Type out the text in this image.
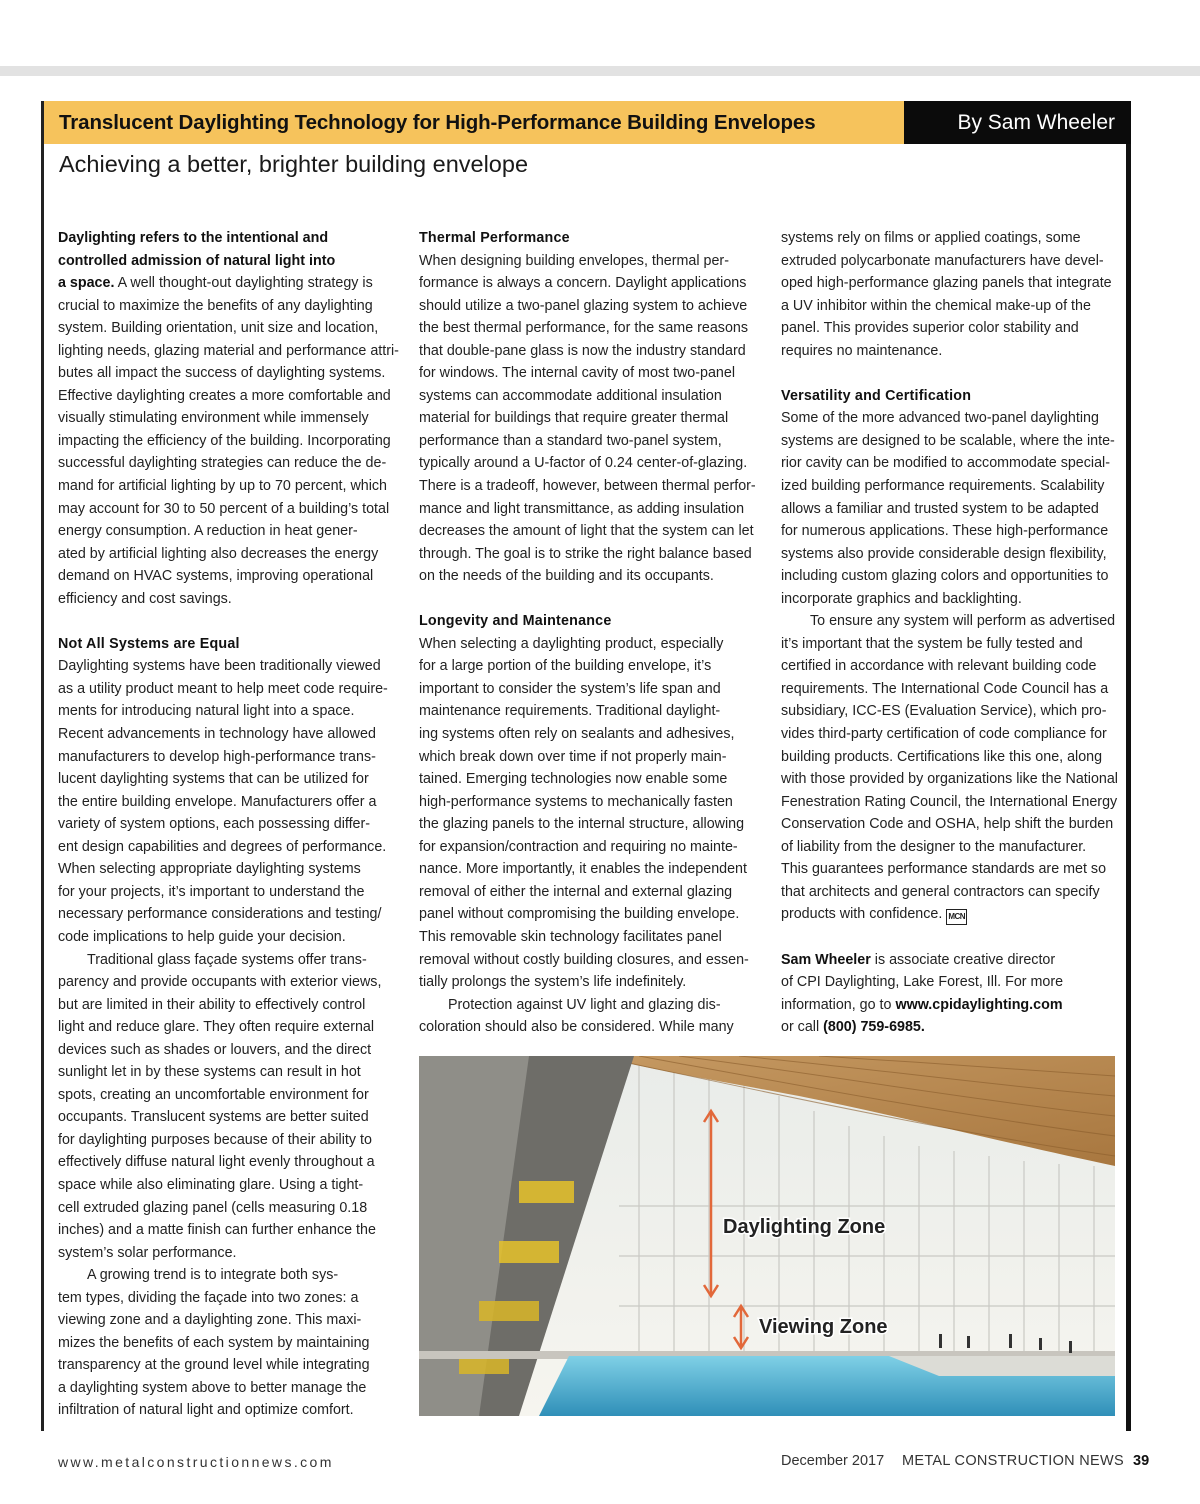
Translucent Daylighting Technology for High-Performance Building Envelopes	By Sam Wheeler
Achieving a better, brighter building envelope

Daylighting refers to the intentional and

controlled admission of natural light into

a space. A well thought-out daylighting strategy is

crucial to maximize the benefits of any daylighting

system. Building orientation, unit size and location,

lighting needs, glazing material and performance attri-

butes all impact the success of daylighting systems.

Effective daylighting creates a more comfortable and

visually stimulating environment while immensely

impacting the efficiency of the building. Incorporating

successful daylighting strategies can reduce the de-

mand for artificial lighting by up to 70 percent, which

may account for 30 to 50 percent of a building’s total

energy consumption. A reduction in heat gener-

ated by artificial lighting also decreases the energy

demand on HVAC systems, improving operational

efficiency and cost savings.

Not All Systems are Equal

Daylighting systems have been traditionally viewed

as a utility product meant to help meet code require-

ments for introducing natural light into a space.

Recent advancements in technology have allowed

manufacturers to develop high-performance trans-

lucent daylighting systems that can be utilized for

the entire building envelope. Manufacturers offer a

variety of system options, each possessing differ-

ent design capabilities and degrees of performance.

When selecting appropriate daylighting systems

for your projects, it’s important to understand the

necessary performance considerations and testing/

code implications to help guide your decision.

Traditional glass façade systems offer trans-

parency and provide occupants with exterior views,

but are limited in their ability to effectively control

light and reduce glare. They often require external

devices such as shades or louvers, and the direct

sunlight let in by these systems can result in hot

spots, creating an uncomfortable environment for

occupants. Translucent systems are better suited

for daylighting purposes because of their ability to

effectively diffuse natural light evenly throughout a

space while also eliminating glare. Using a tight-

cell extruded glazing panel (cells measuring 0.18

inches) and a matte finish can further enhance the

system’s solar performance.

A growing trend is to integrate both sys-

tem types, dividing the façade into two zones: a

viewing zone and a daylighting zone. This maxi-

mizes the benefits of each system by maintaining

transparency at the ground level while integrating

a daylighting system above to better manage the

infiltration of natural light and optimize comfort.

Thermal Performance

When designing building envelopes, thermal per-

formance is always a concern. Daylight applications

should utilize a two-panel glazing system to achieve

the best thermal performance, for the same reasons

that double-pane glass is now the industry standard

for windows. The internal cavity of most two-panel

systems can accommodate additional insulation

material for buildings that require greater thermal

performance than a standard two-panel system,

typically around a U-factor of 0.24 center-of-glazing.

There is a tradeoff, however, between thermal perfor-

mance and light transmittance, as adding insulation

decreases the amount of light that the system can let

through. The goal is to strike the right balance based

on the needs of the building and its occupants.

Longevity and Maintenance

When selecting a daylighting product, especially

for a large portion of the building envelope, it’s

important to consider the system’s life span and

maintenance requirements. Traditional daylight-

ing systems often rely on sealants and adhesives,

which break down over time if not properly main-

tained. Emerging technologies now enable some

high-performance systems to mechanically fasten

the glazing panels to the internal structure, allowing

for expansion/contraction and requiring no mainte-

nance. More importantly, it enables the independent

removal of either the internal and external glazing

panel without compromising the building envelope.

This removable skin technology facilitates panel

removal without costly building closures, and essen-

tially prolongs the system’s life indefinitely.

Protection against UV light and glazing dis-

coloration should also be considered. While many

systems rely on films or applied coatings, some

extruded polycarbonate manufacturers have devel-

oped high-performance glazing panels that integrate

a UV inhibitor within the chemical make-up of the

panel. This provides superior color stability and

requires no maintenance.

Versatility and Certification

Some of the more advanced two-panel daylighting

systems are designed to be scalable, where the inte-

rior cavity can be modified to accommodate special-

ized building performance requirements. Scalability

allows a familiar and trusted system to be adapted

for numerous applications. These high-performance

systems also provide considerable design flexibility,

including custom glazing colors and opportunities to

incorporate graphics and backlighting.

To ensure any system will perform as advertised

it’s important that the system be fully tested and

certified in accordance with relevant building code

requirements. The International Code Council has a

subsidiary, ICC-ES (Evaluation Service), which pro-

vides third-party certification of code compliance for

building products. Certifications like this one, along

with those provided by organizations like the National

Fenestration Rating Council, the International Energy

Conservation Code and OSHA, help shift the burden

of liability from the designer to the manufacturer.

This guarantees performance standards are met so

that architects and general contractors can specify

products with confidence. MCN

Sam Wheeler is associate creative director

of CPI Daylighting, Lake Forest, Ill. For more

information, go to www.cpidaylighting.com

or call (800) 759-6985.

Daylighting Zone
Viewing Zone
www.metalconstructionnews.com	December 2017 METAL CONSTRUCTION NEWS 39
